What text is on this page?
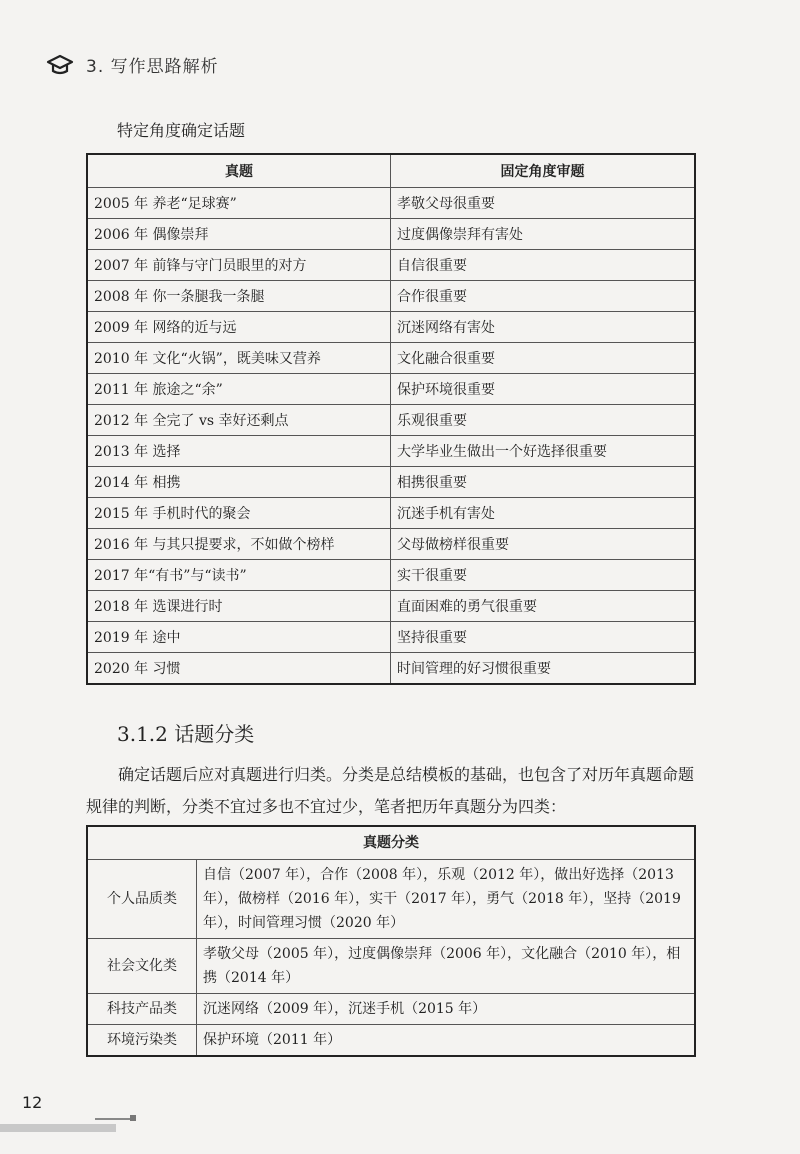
3. 写作思路解析
特定角度确定话题
真题	固定角度审题
2005 年 养老“足球赛”	孝敬父母很重要
2006 年 偶像崇拜	过度偶像崇拜有害处
2007 年 前锋与守门员眼里的对方	自信很重要
2008 年 你一条腿我一条腿	合作很重要
2009 年 网络的近与远	沉迷网络有害处
2010 年 文化“火锅”，既美味又营养	文化融合很重要
2011 年 旅途之“余”	保护环境很重要
2012 年 全完了 vs 幸好还剩点	乐观很重要
2013 年 选择	大学毕业生做出一个好选择很重要
2014 年 相携	相携很重要
2015 年 手机时代的聚会	沉迷手机有害处
2016 年 与其只提要求，不如做个榜样	父母做榜样很重要
2017 年“有书”与“读书”	实干很重要
2018 年 选课进行时	直面困难的勇气很重要
2019 年 途中	坚持很重要
2020 年 习惯	时间管理的好习惯很重要
3.1.2 话题分类
确定话题后应对真题进行归类。分类是总结模板的基础，也包含了对历年真题命题规律的判断，分类不宜过多也不宜过少，笔者把历年真题分为四类：
真题分类	
个人品质类	自信（2007 年），合作（2008 年），乐观（2012 年），做出好选择（2013 年），做榜样（2016 年），实干（2017 年），勇气（2018 年），坚持（2019 年），时间管理习惯（2020 年）
社会文化类	孝敬父母（2005 年），过度偶像崇拜（2006 年），文化融合（2010 年），相携（2014 年）
科技产品类	沉迷网络（2009 年），沉迷手机（2015 年）
环境污染类	保护环境（2011 年）
12
